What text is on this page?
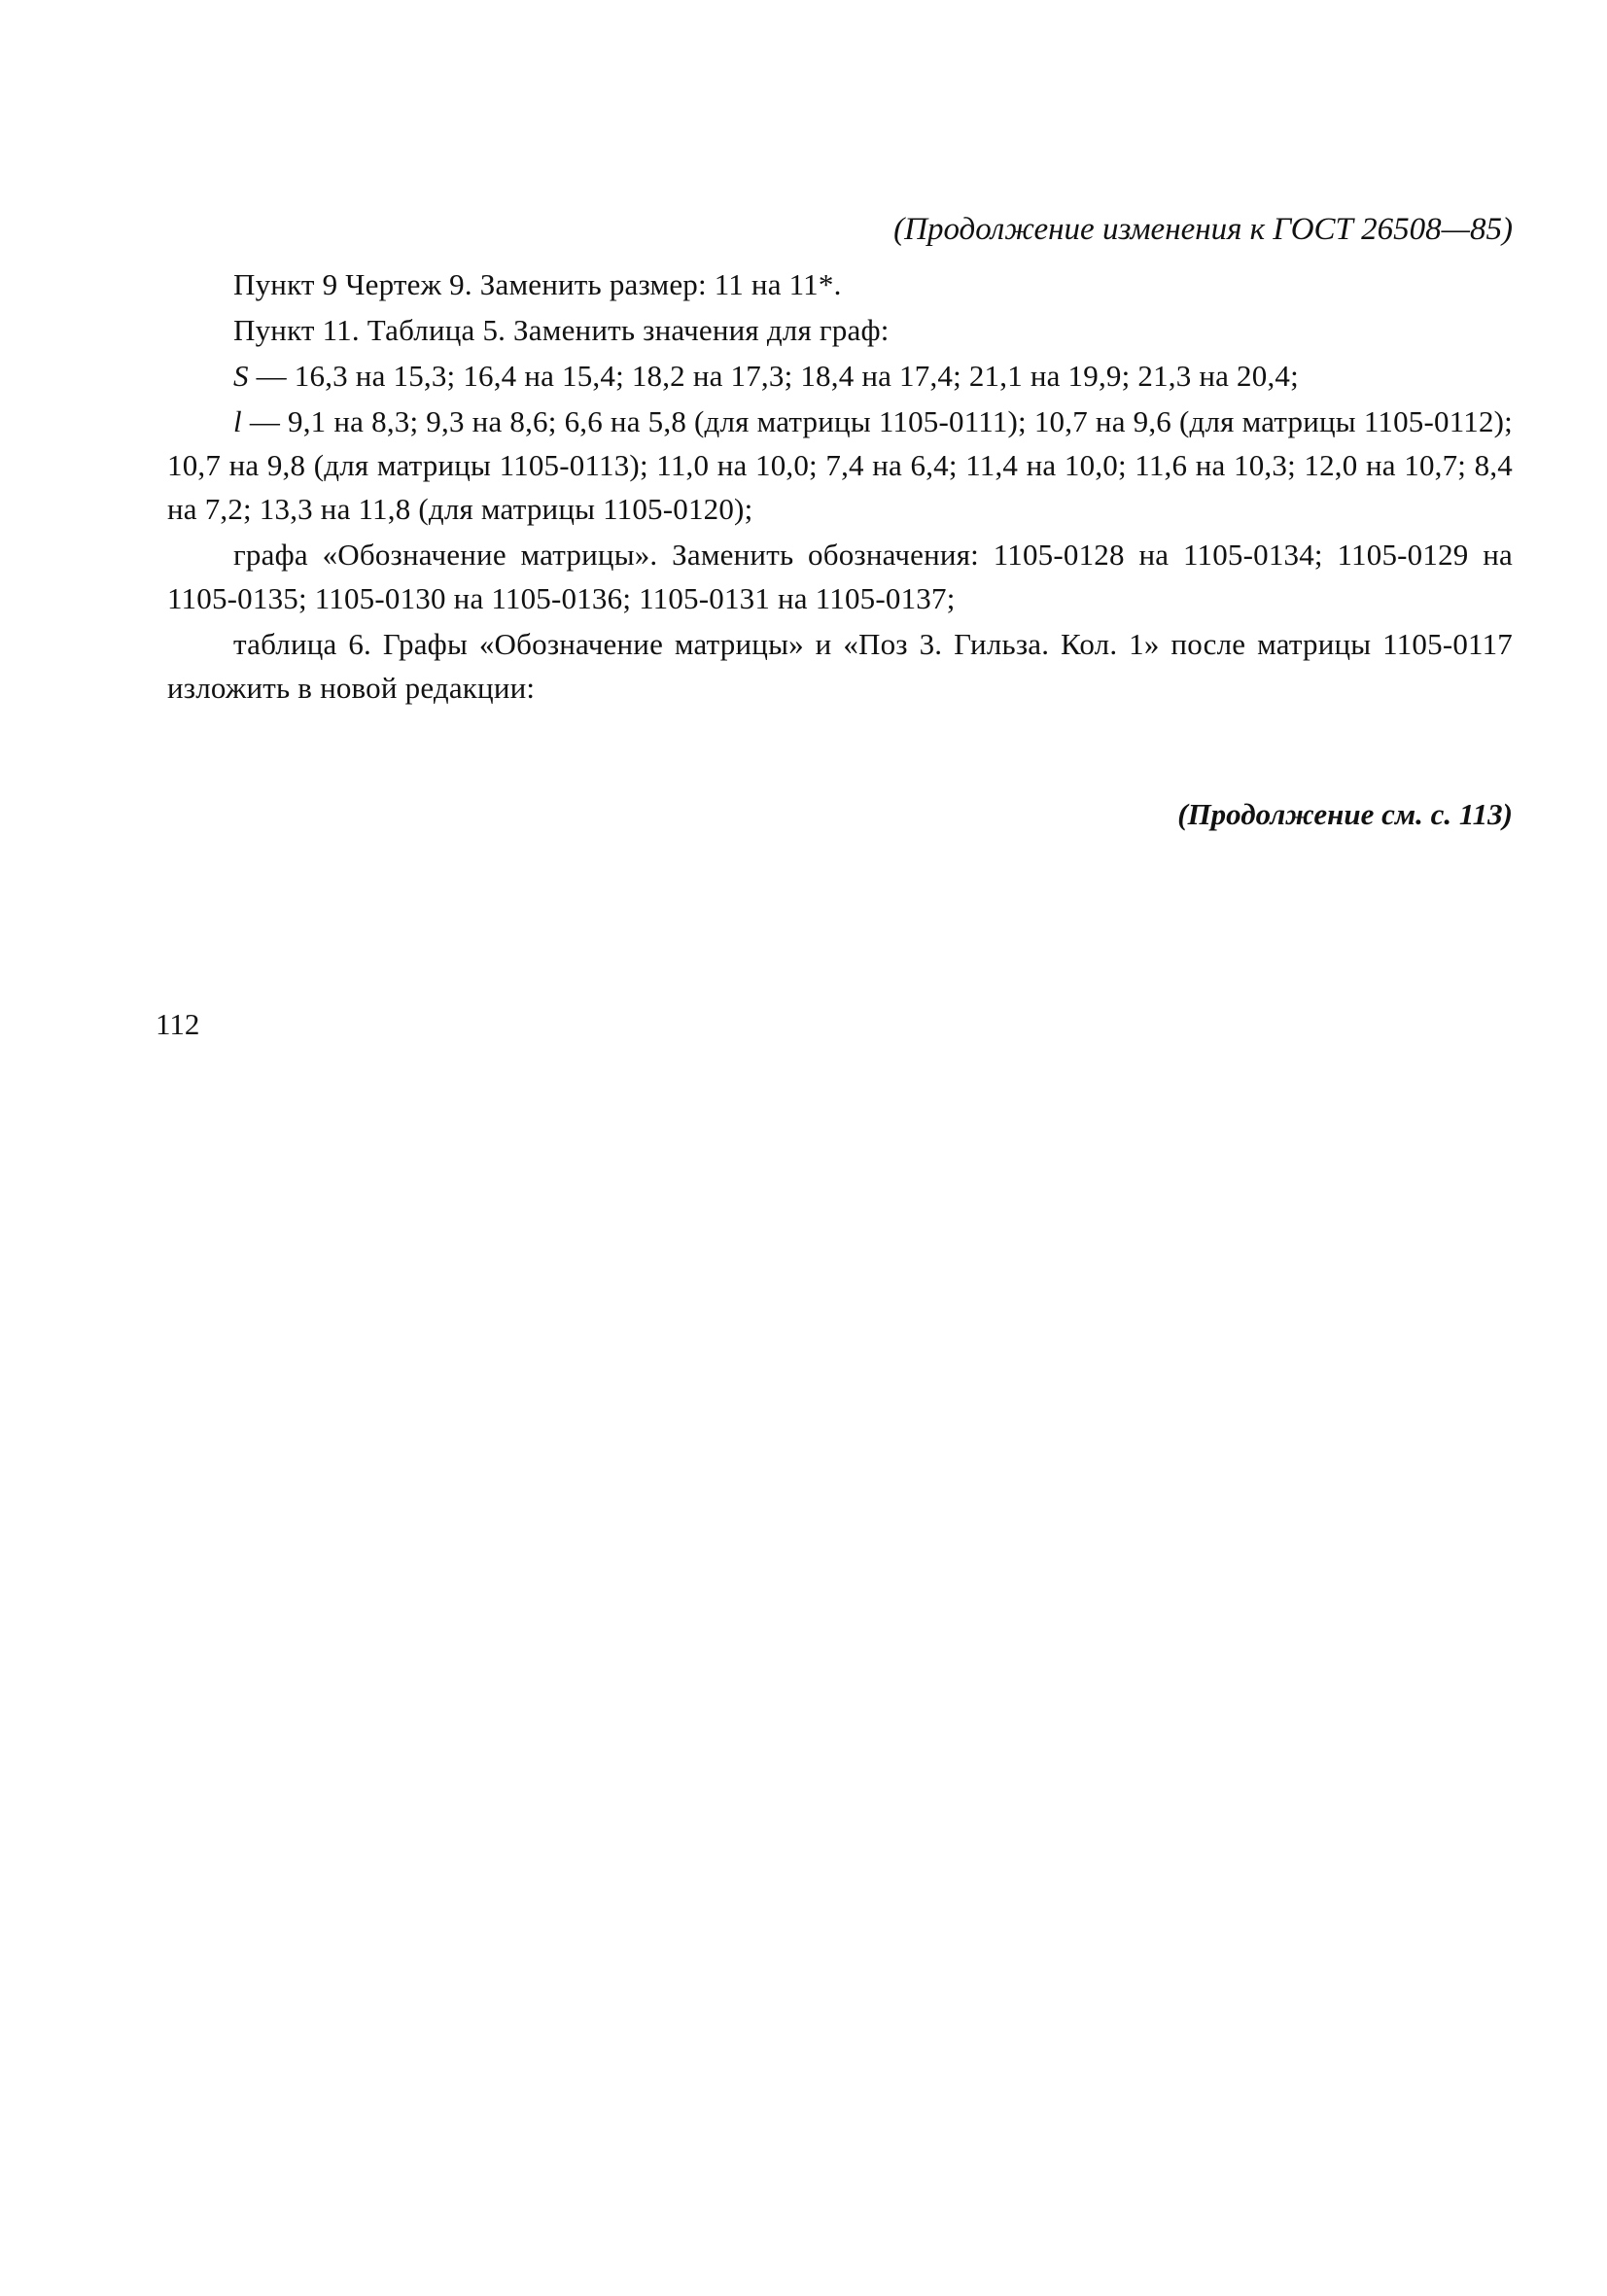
(Продолжение изменения к ГОСТ 26508—85)

Пункт 9 Чертеж 9. Заменить размер: 11 на 11*.

Пункт 11. Таблица 5. Заменить значения для граф:

S — 16,3 на 15,3; 16,4 на 15,4; 18,2 на 17,3; 18,4 на 17,4; 21,1 на 19,9; 21,3 на 20,4;

l — 9,1 на 8,3; 9,3 на 8,6; 6,6 на 5,8 (для матрицы 1105-0111); 10,7 на 9,6 (для матрицы 1105-0112); 10,7 на 9,8 (для матрицы 1105-0113); 11,0 на 10,0; 7,4 на 6,4; 11,4 на 10,0; 11,6 на 10,3; 12,0 на 10,7; 8,4 на 7,2; 13,3 на 11,8 (для матрицы 1105-0120);

графа «Обозначение матрицы». Заменить обозначения: 1105-0128 на 1105-0134; 1105-0129 на 1105-0135; 1105-0130 на 1105-0136; 1105-0131 на 1105-0137;

таблица 6. Графы «Обозначение матрицы» и «Поз 3. Гильза. Кол. 1» после матрицы 1105-0117 изложить в новой редакции:

(Продолжение см. с. 113)
112
